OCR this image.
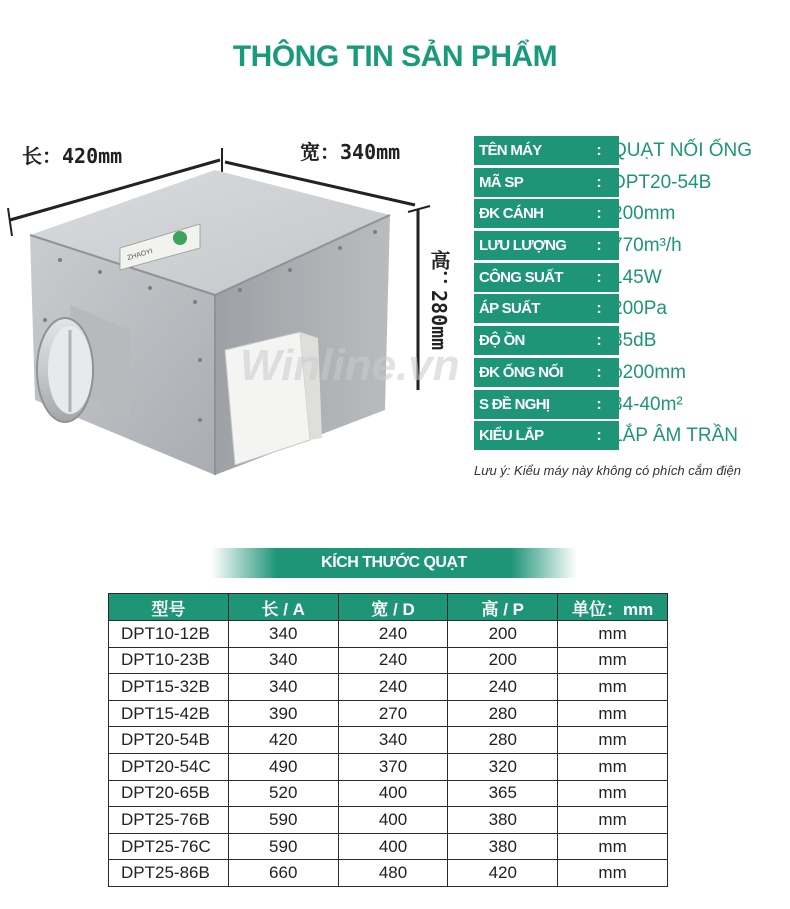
THÔNG TIN SẢN PHẨM
ZHAOYI
Winline.vn
长：420mm	宽：340mm
高：280mm
TÊN MÁY	: QUẠT NỐI ỐNG
MÃ SP	: DPT20-54B
ĐK CÁNH	: 200mm
LƯU LƯỢNG	: 770m³/h
CÔNG SUẤT	: 145W
ÁP SUẤT	: 200Pa
ĐỘ ỒN	: 35dB
ĐK ỐNG NỐI	: ϕ200mm
S ĐỀ NGHỊ	: 34-40m²
KIỂU LẮP	: LẮP ÂM TRẦN
Lưu ý: Kiểu máy này không có phích cắm điện
KÍCH THƯỚC QUẠT
型号	长 / A	宽 / D	高 / P	单位：mm
DPT10-12B	340	240	200	mm
DPT10-23B	340	240	200	mm
DPT15-32B	340	240	240	mm
DPT15-42B	390	270	280	mm
DPT20-54B	420	340	280	mm
DPT20-54C	490	370	320	mm
DPT20-65B	520	400	365	mm
DPT25-76B	590	400	380	mm
DPT25-76C	590	400	380	mm
DPT25-86B	660	480	420	mm
